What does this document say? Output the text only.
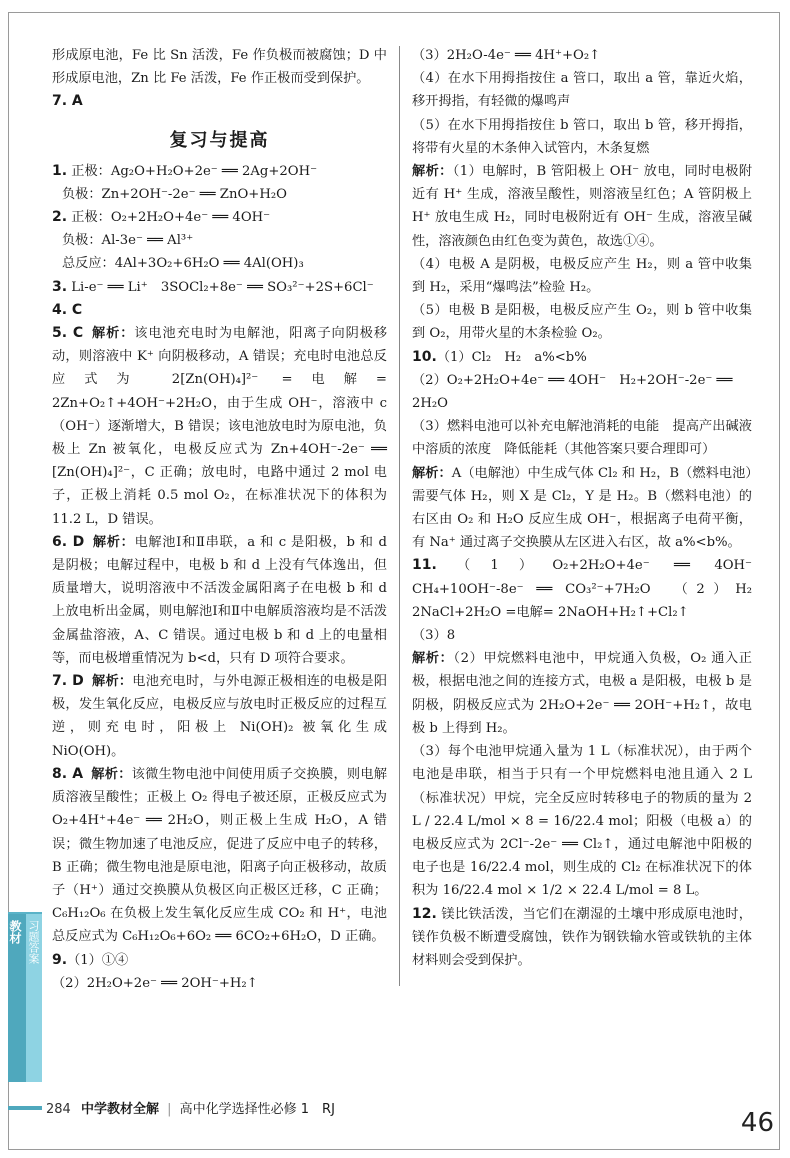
形成原电池，Fe 比 Sn 活泼，Fe 作负极而被腐蚀；D 中形成原电池，Zn 比 Fe 活泼，Fe 作正极而受到保护。

7. A

复习与提高

1. 正极：Ag₂O+H₂O+2e⁻ ══ 2Ag+2OH⁻

负极：Zn+2OH⁻-2e⁻ ══ ZnO+H₂O

2. 正极：O₂+2H₂O+4e⁻ ══ 4OH⁻

负极：Al-3e⁻ ══ Al³⁺

总反应：4Al+3O₂+6H₂O ══ 4Al(OH)₃

3. Li-e⁻ ══ Li⁺　3SOCl₂+8e⁻ ══ SO₃²⁻+2S+6Cl⁻

4. C

5. C 解析：该电池充电时为电解池，阳离子向阴极移动，则溶液中 K⁺ 向阴极移动，A 错误；充电时电池总反应式为 2[Zn(OH)₄]²⁻ =电解= 2Zn+O₂↑+4OH⁻+2H₂O，由于生成 OH⁻，溶液中 c（OH⁻）逐渐增大，B 错误；该电池放电时为原电池，负极上 Zn 被氧化，电极反应式为 Zn+4OH⁻-2e⁻ ══ [Zn(OH)₄]²⁻，C 正确；放电时，电路中通过 2 mol 电子，正极上消耗 0.5 mol O₂，在标准状况下的体积为 11.2 L，D 错误。

6. D 解析：电解池Ⅰ和Ⅱ串联，a 和 c 是阳极，b 和 d 是阴极；电解过程中，电极 b 和 d 上没有气体逸出，但质量增大，说明溶液中不活泼金属阳离子在电极 b 和 d 上放电析出金属，则电解池Ⅰ和Ⅱ中电解质溶液均是不活泼金属盐溶液，A、C 错误。通过电极 b 和 d 上的电量相等，而电极增重情况为 b<d，只有 D 项符合要求。

7. D 解析：电池充电时，与外电源正极相连的电极是阳极，发生氧化反应，电极反应与放电时正极反应的过程互逆，则充电时，阳极上 Ni(OH)₂ 被氧化生成 NiO(OH)。

8. A 解析：该微生物电池中间使用质子交换膜，则电解质溶液呈酸性；正极上 O₂ 得电子被还原，正极反应式为 O₂+4H⁺+4e⁻ ══ 2H₂O，则正极上生成 H₂O，A 错误；微生物加速了电池反应，促进了反应中电子的转移，B 正确；微生物电池是原电池，阳离子向正极移动，故质子（H⁺）通过交换膜从负极区向正极区迁移，C 正确；C₆H₁₂O₆ 在负极上发生氧化反应生成 CO₂ 和 H⁺，电池总反应式为 C₆H₁₂O₆+6O₂ ══ 6CO₂+6H₂O，D 正确。

9.（1）①④

（2）2H₂O+2e⁻ ══ 2OH⁻+H₂↑

（3）2H₂O-4e⁻ ══ 4H⁺+O₂↑

（4）在水下用拇指按住 a 管口，取出 a 管，靠近火焰，移开拇指，有轻微的爆鸣声

（5）在水下用拇指按住 b 管口，取出 b 管，移开拇指，将带有火星的木条伸入试管内，木条复燃

解析：（1）电解时，B 管阳极上 OH⁻ 放电，同时电极附近有 H⁺ 生成，溶液呈酸性，则溶液呈红色；A 管阴极上 H⁺ 放电生成 H₂，同时电极附近有 OH⁻ 生成，溶液呈碱性，溶液颜色由红色变为黄色，故选①④。

（4）电极 A 是阴极，电极反应产生 H₂，则 a 管中收集到 H₂，采用“爆鸣法”检验 H₂。

（5）电极 B 是阳极，电极反应产生 O₂，则 b 管中收集到 O₂，用带火星的木条检验 O₂。

10.（1）Cl₂　H₂　a%<b%

（2）O₂+2H₂O+4e⁻ ══ 4OH⁻　H₂+2OH⁻-2e⁻ ══ 2H₂O

（3）燃料电池可以补充电解池消耗的电能　提高产出碱液中溶质的浓度　降低能耗（其他答案只要合理即可）

解析：A（电解池）中生成气体 Cl₂ 和 H₂，B（燃料电池）需要气体 H₂，则 X 是 Cl₂，Y 是 H₂。B（燃料电池）的右区由 O₂ 和 H₂O 反应生成 OH⁻，根据离子电荷平衡，有 Na⁺ 通过离子交换膜从左区进入右区，故 a%<b%。

11.（1）O₂+2H₂O+4e⁻ ══ 4OH⁻　CH₄+10OH⁻-8e⁻ ══ CO₃²⁻+7H₂O　（2）H₂　2NaCl+2H₂O =电解= 2NaOH+H₂↑+Cl₂↑

（3）8

解析：（2）甲烷燃料电池中，甲烷通入负极，O₂ 通入正极，根据电池之间的连接方式，电极 a 是阳极，电极 b 是阴极，阴极反应式为 2H₂O+2e⁻ ══ 2OH⁻+H₂↑，故电极 b 上得到 H₂。

（3）每个电池甲烷通入量为 1 L（标准状况），由于两个电池是串联，相当于只有一个甲烷燃料电池且通入 2 L（标准状况）甲烷，完全反应时转移电子的物质的量为 2 L / 22.4 L/mol × 8 = 16/22.4 mol；阳极（电极 a）的电极反应式为 2Cl⁻-2e⁻ ══ Cl₂↑，通过电解池中阳极的电子也是 16/22.4 mol，则生成的 Cl₂ 在标准状况下的体积为 16/22.4 mol × 1/2 × 22.4 L/mol = 8 L。

12. 镁比铁活泼，当它们在潮湿的土壤中形成原电池时，镁作负极不断遭受腐蚀，铁作为钢铁输水管或铁轨的主体材料则会受到保护。

教材 习题答案
284 中学教材全解 | 高中化学选择性必修 1　RJ	46
